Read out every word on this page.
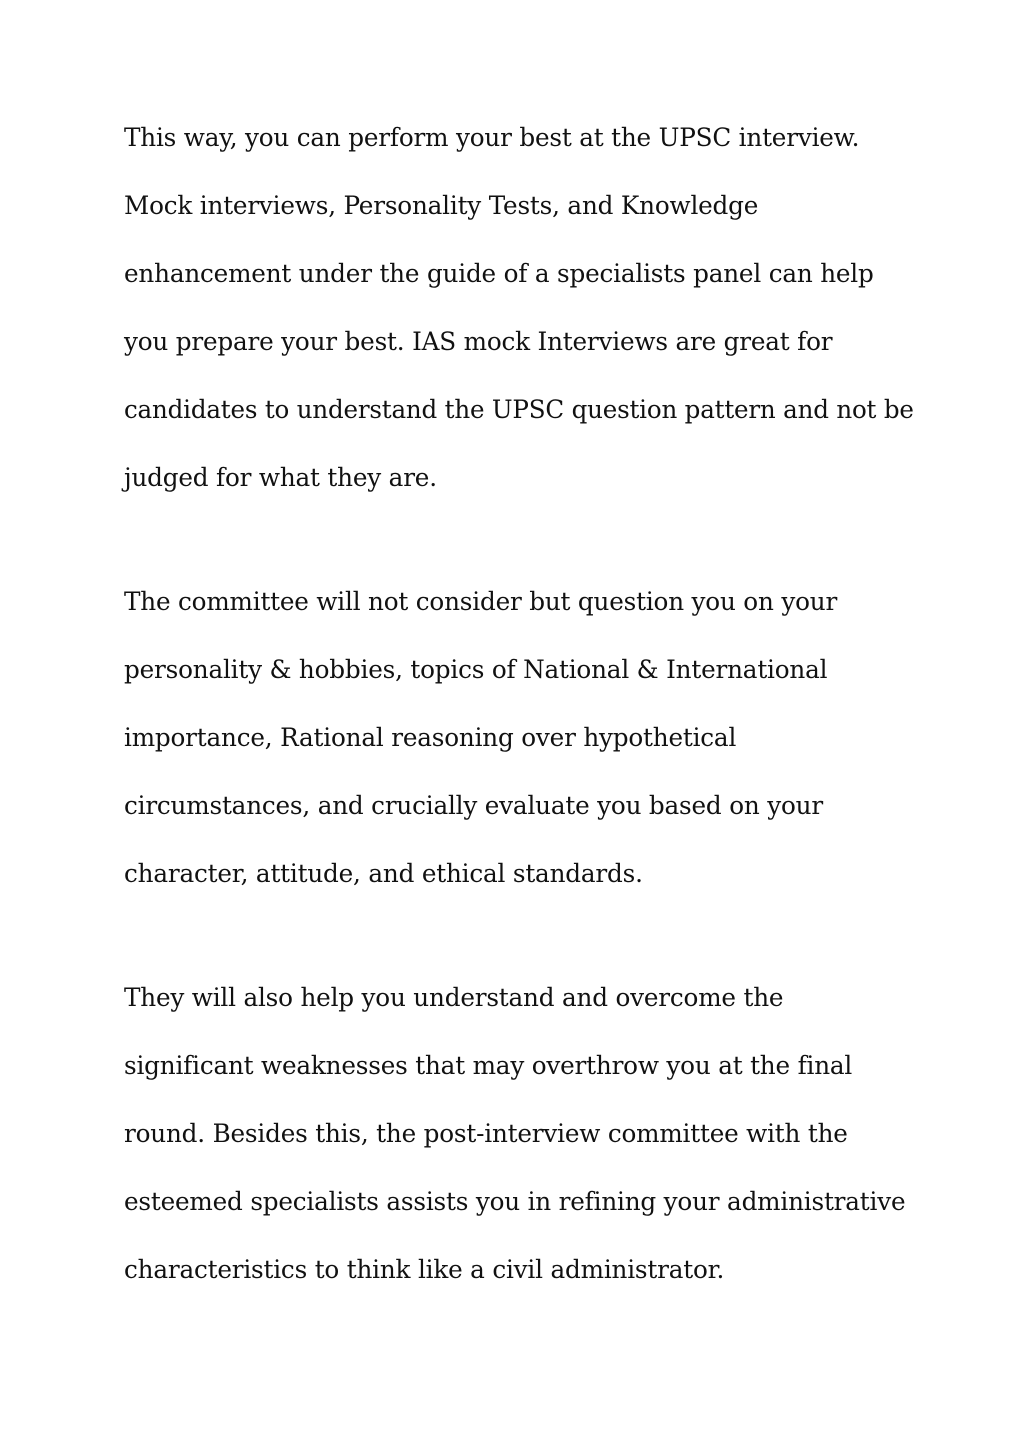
This way, you can perform your best at the UPSC interview.
Mock interviews, Personality Tests, and Knowledge
enhancement under the guide of a specialists panel can help
you prepare your best. IAS mock Interviews are great for
candidates to understand the UPSC question pattern and not be
judged for what they are.
The committee will not consider but question you on your
personality & hobbies, topics of National & International
importance, Rational reasoning over hypothetical
circumstances, and crucially evaluate you based on your
character, attitude, and ethical standards.
They will also help you understand and overcome the
significant weaknesses that may overthrow you at the final
round. Besides this, the post-interview committee with the
esteemed specialists assists you in refining your administrative
characteristics to think like a civil administrator.
